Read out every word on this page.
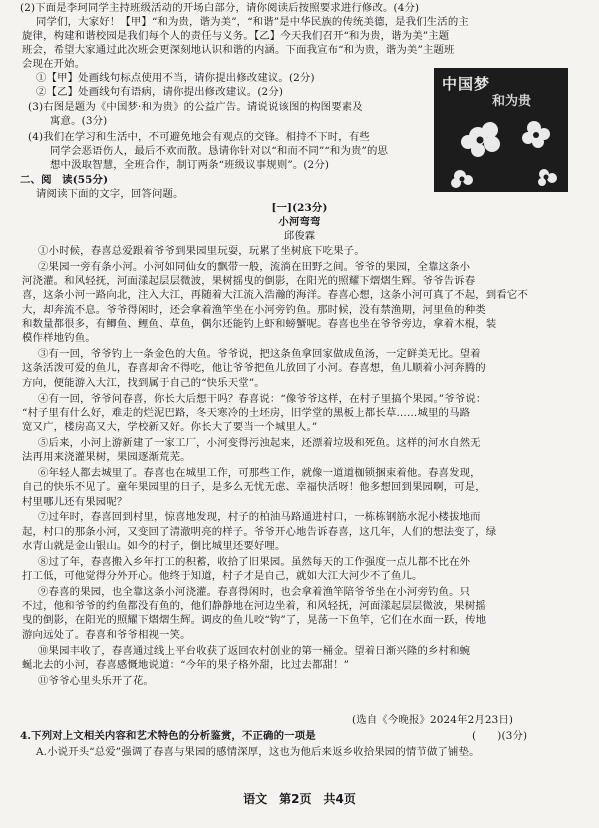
(2)下面是李珂同学主持班级活动的开场白部分，请你阅读后按照要求进行修改。(4分)
同学们，大家好！【甲】“和为贵，谐为美”，“和谐”是中华民族的传统美德，是我们生活的主
旋律，构建和谐校园是我们每个人的责任与义务。【乙】今天我们召开“和为贵，谐为美”主题
班会，希望大家通过此次班会更深刻地认识和谐的内涵。下面我宣布“和为贵，谐为美”主题班
会现在开始。
①【甲】处画线句标点使用不当，请你提出修改建议。(2分)
②【乙】处画线句有语病，请你提出修改建议。(2分)
(3)右图是题为《中国梦·和为贵》的公益广告。请说说该图的构图要素及
寓意。(3分)
(4)我们在学习和生活中，不可避免地会有观点的交锋。相持不下时，有些
同学会恶语伤人，最后不欢而散。恳请你针对以“和而不同”“和为贵”的思
想中汲取智慧，全班合作，制订两条“班级议事规则”。(2分)
中国梦
和为贵
二、阅　读(55分)
请阅读下面的文字，回答问题。
[一](23分)
小河弯弯
邱俊霖
①小时候，春喜总爱跟着爷爷到果园里玩耍，玩累了坐树底下吃果子。
②果园一旁有条小河。小河如同仙女的飘带一般，流淌在田野之间。爷爷的果园，全靠这条小
河浇灌。和风轻抚，河面漾起层层微波，果树摇曳的倒影，在阳光的照耀下熠熠生辉。爷爷告诉春
喜，这条小河一路向北，注入大江，再随着大江流入浩瀚的海洋。春喜心想，这条小河可真了不起，到看它不
大，却奔流不息。爷爷得闲时，还会拿着渔竿坐在小河旁钓鱼。那时候，没有禁渔期，河里鱼的种类
和数量都很多，有鲫鱼、鲤鱼、草鱼，偶尔还能钓上虾和螃蟹呢。春喜也坐在爷爷旁边，拿着木棍，装
模作样地钓鱼。
③有一回，爷爷钓上一条金色的大鱼。爷爷说，把这条鱼拿回家做成鱼汤，一定鲜美无比。望着
这条活泼可爱的鱼儿，春喜却舍不得吃，他让爷爷把鱼儿放回了小河。春喜想，鱼儿顺着小河奔腾的
方向，便能游入大江，找到属于自己的“快乐天堂”。
④有一回，爷爷问春喜，你长大后想干吗？春喜说：“像爷爷这样，在村子里搞个果园。”爷爷说：
“村子里有什么好，难走的烂泥巴路，冬天寒冷的土坯房，旧学堂的黑板上都长草……城里的马路
宽又广，楼房高又大，学校新又好。你长大了要当一个城里人。”
⑤后来，小河上游新建了一家工厂，小河变得污浊起来，还漂着垃圾和死鱼。这样的河水自然无
法再用来浇灌果树，果园逐渐荒芜。
⑥年轻人都去城里了。春喜也在城里工作，可那些工作，就像一道道枷锁捆束着他。春喜发现，
自己的快乐不见了。童年果园里的日子，是多么无忧无虑、幸福快活呀！他多想回到果园啊，可是，
村里哪儿还有果园呢？
⑦过年时，春喜回到村里，惊喜地发现，村子的柏油马路通进村口，一栋栋钢筋水泥小楼拔地而
起，村口的那条小河，又变回了清澈明亮的样子。爷爷开心地告诉春喜，这几年，人们的想法变了，绿
水青山就是金山银山。如今的村子，倒比城里还要好哩。
⑧过了年，春喜搬入乡年打工的积蓄，收拾了旧果园。虽然每天的工作强度一点儿都不比在外
打工低，可他觉得分外开心。他终于知道，村子才是自己，就如大江大河少不了鱼儿。
⑨春喜的果园，也全靠这条小河浇灌。春喜得闲时，也会拿着渔竿陪爷爷坐在小河旁钓鱼。只
不过，他和爷爷的约鱼都没有鱼的，他们静静地在河边坐着，和风轻抚，河面漾起层层微波，果树摇
曳的倒影，在阳光的照耀下熠熠生辉。调皮的鱼儿咬“钩”了，晃荡一下鱼竿，它们在水面一跃，传地
游向远处了。春喜和爷爷相视一笑。
⑩果园丰收了，春喜通过线上平台收获了返回农村创业的第一桶金。望着日渐兴隆的乡村和蜿
蜒北去的小河，春喜感慨地说道：“今年的果子格外甜，比过去都甜！”
⑪爷爷心里头乐开了花。
(选自《今晚报》2024年2月23日)
4.下列对上文相关内容和艺术特色的分析鉴赏，不正确的一项是	(　　)(3分)
A.小说开头“总爱”强调了春喜与果园的感情深厚，这也为他后来返乡收拾果园的情节做了铺垫。
语文　第2页　共4页
